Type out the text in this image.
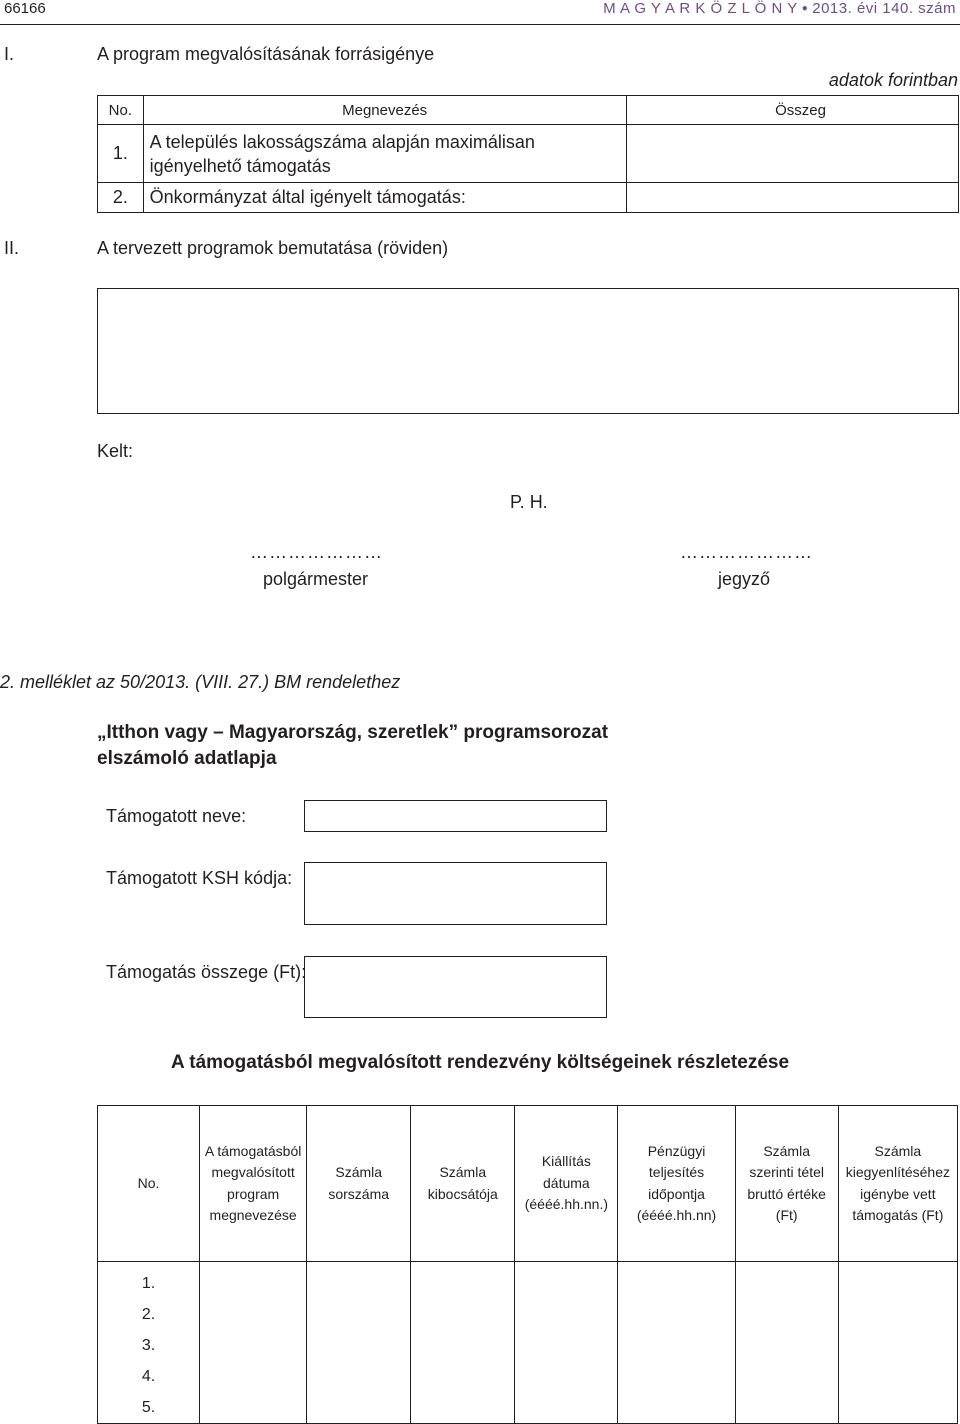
66166	M A G Y A R K Ö Z L Ö N Y ● 2013. évi 140. szám
I.	A program megvalósításának forrásigénye
adatok forintban
No.	Megnevezés	Összeg
1.	A település lakosságszáma alapján maximálisan igényelhető támogatás	

2.	Önkormányzat által igényelt támogatás:	
II.	A tervezett programok bemutatása (röviden)
Kelt:
P. H.
…………………	…………………
polgármester	jegyző
2. melléklet az 50/2013. (VIII. 27.) BM rendelethez
„Itthon vagy – Magyarország, szeretlek” programsorozat
elszámoló adatlapja
Támogatott neve:
Támogatott KSH kódja:
Támogatás összege (Ft):
A támogatásból megvalósított rendezvény költségeinek részletezése
No.	A támogatásból megvalósított program megnevezése	Számla sorszáma	Számla kibocsátója	Kiállítás dátuma (éééé.hh.nn.)	Pénzügyi teljesítés időpontja (éééé.hh.nn)	Számla szerinti tétel bruttó értéke (Ft)	Számla kiegyenlítéséhez igénybe vett támogatás (Ft)
1.							
2.							
3.							
4.							
5.							
